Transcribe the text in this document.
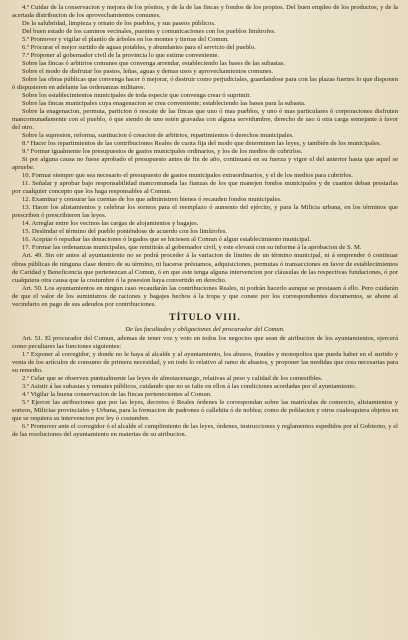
4.º Cuidar de la conservacion y mejora de los pósitos, y de la de las fincas y fondos de los propios. Del buen empleo de los productos, y de la acertada distribucion de los aprovechamientos comunes.

De la salubridad, limpieza y ornato de los pueblos, y sus paseos públicos.

Del buen estado de los caminos vecinales, puentes y comunicaciones con los pueblos limítrofes.

5.º Promover y vigilar el plantío de árboles en los montes y tierras del Comun.

6.º Procurar el mejor surtido de aguas potables, y abundantes para el servicio del pueblo.

7.º Proponer al gobernador civil de la provincia lo que estime conveniente.

Sobre las fincas ó arbitrios comunes que convenga arrendar, estableciendo las bases de las subastas.

Sobre el modo de disfrutar los pastos, leñas, aguas y demas usos y aprovechamientos comunes.

Sobre las obras públicas que convenga hacer ó mejorar, ó destruir como perjudiciales, guardandose para con las plazas fuertes lo que disponen ó dispusieren en adelante las ordenanzas militares.

Sobre los establecimientos municipales de toda especie que convenga crear ó suprimir.

Sobre las fincas municipales cuya enagenacion se crea conveniente; estableciendo las bases para la subasta.

Sobre la enagenacion, permuta, particion ó rescate de las fincas que uno ó mas pueblos, y uno ó mas particulares ó corporaciones disfruten mancomunadamente con el pueblo, ó que siendo de uno estén gravadas con alguna servidumbre, derecho de uso ú otra carga semejante á favor del otro.

Sobre la supresion, reforma, sustitucion ó creacion de arbitrios, repartimientos ó derechos municipales.

8.º Hacer los repartimientos de las contribuciones Reales de cuota fija del modo que determinen las leyes, y también de los municipales.

9.º Formar igualmente los presupuestos de gastos municipales ordinarios, y los de los medios de cubrirlos.

Si por alguna causa no fuese aprobado el presupuesto antes de fin de año, continuará en su fuerza y vigor el del anterior hasta que aquel se apruebe.

10. Formar siempre que sea necesario el presupuesto de gastos municipales extraordinarios, y el de los medios para cubrirlos.

11. Señalar y aprobar bajo responsabilidad mancomunada las fianzas de los que manejen fondos municipales y de cuantos deban prestarlas por cualquier concepto que los haga responsables al Comun.

12. Examinar y censurar las cuentas de los que administren bienes ó recauden fondos municipales.

13. Hacer los alistamientos y celebrar los sorteos para el reemplazo ó aumento del ejército, y para la Milicia urbana, en los términos que prescriben ó prescribieren las leyes.

14. Arreglar entre los vecinos las cargas de alojamientos y bagajes.

15. Deslindar el término del pueblo poniéndose de acuerdo con los limítrofes.

16. Aceptar ó repudiar las donaciones ó legados que se hiciesen al Comun ó algun establecimiento municipal.

17. Formar las ordenanzas municipales, que remitirán al gobernador civil, y este elevará con su informe á la aprobacion de S. M.

Art. 49. Sin oir antes al ayuntamiento no se podrá proceder á la variacion de límites de un término municipal, ni á emprender ó continuar obras públicas de ninguna clase dentro de su término, ni hacerse préstamos, adquisiciones, permutas ó transacciones en favor de establecimientos de Caridad y Beneficencia que pertenezcan al Comun, ó en que este tenga alguna intervencion por cláusulas de las respectivas fundaciones, ó por cualquiera otra causa que la costumbre ó la posesion haya convertido en derecho.

Art. 50. Los ayuntamientos en ningun caso recaudarán las contribuciones Reales, ni podrán hacerlo aunque se prestasen á ello. Pero cuidarán de que el valor de los suministros de raciones y bagajes hechos á la tropa y que conste por los correspondientes documentos, se abone al vecindario en pago de sus adeudos por contribuciones.

TÍTULO VIII.
De las facultades y obligaciones del procurador del Comun.

Art. 51. El procurador del Comun, ademas de tener voz y voto en todos los negocios que sean de atribucion de los ayuntamientos, ejercerá como peculiares las funciones siguientes:

1.º Exponer al corregidor, y donde no le haya al alcalde y al ayuntamiento, los abusos, fraudes y monopolios que pueda haber en el surtido y venta de los artículos de consumo de primera necesidad, y en todo lo relativo al ramo de abastos, y proponer las medidas que crea necesarias para su remedio.

2.º Celar que se observen puntualmente las leyes de almotacenazgo, relativas al peso y calidad de los comestibles.

3.º Asistir á las subastas y remates públicos, cuidando que no se falte en ellos á las condiciones acordadas por el ayuntamiento.

4.º Vigilar la buena conservacion de las fincas pertenecientes al Comun.

5.º Ejercer las atribuciones que por las leyes, decretos ó Reales órdenes le correspondan sobre las matrículas de comercio, alistamientos y sorteos, Milicias provinciales y Urbana, para la formacion de padrones ó callehita ó de noblea; como de poblacion y otros cualesquiera objetos en que se requiera su intervencion por ley ó costumbre.

6.º Promover ante el corregidor ó el alcalde el cumplimiento de las leyes, órdenes, instrucciones y reglamentos espedidos por el Gobierno, y el de las resoluciones del ayuntamiento en materias de su atribucion.
